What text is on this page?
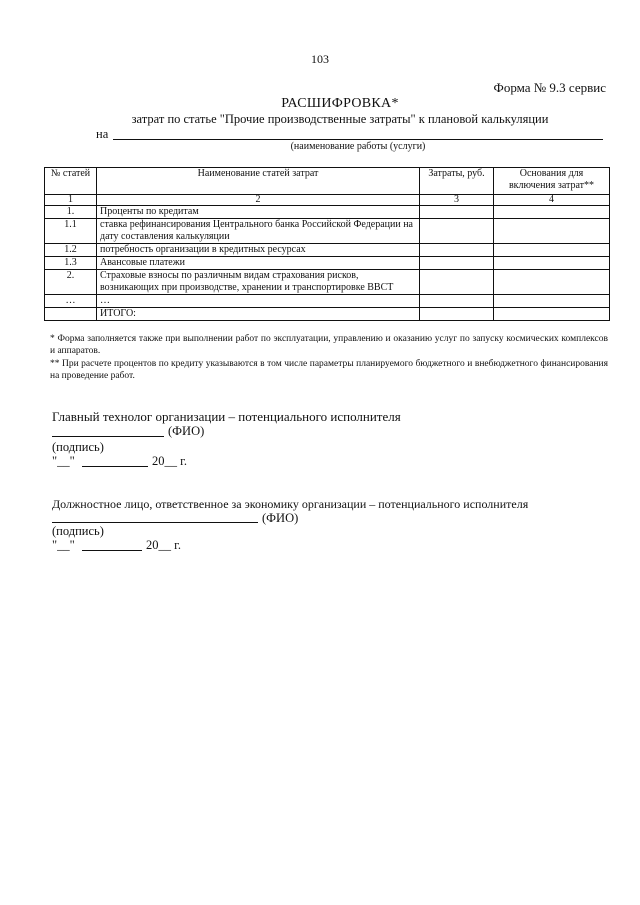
103
Форма № 9.3 сервис
РАСШИФРОВКА*
затрат по статье "Прочие производственные затраты" к плановой калькуляции
на
(наименование работы (услуги)
№ статей	Наименование статей затрат	Затраты, руб.	Основания для включения затрат**
1	2	3	4
1.	Проценты по кредитам		
1.1	ставка рефинансирования Центрального банка Российской Федерации на дату составления калькуляции		
1.2	потребность организации в кредитных ресурсах		
1.3	Авансовые платежи		
2.	Страховые взносы по различным видам страхования рисков, возникающих при производстве, хранении и транспортировке ВВСТ		
…	…		
	ИТОГО:		
* Форма заполняется также при выполнении работ по эксплуатации, управлению и оказанию услуг по запуску космических комплексов и аппаратов.
** При расчете процентов по кредиту указываются в том числе параметры планируемого бюджетного и внебюджетного финансирования на проведение работ.
Главный технолог организации – потенциального исполнителя
(ФИО)
(подпись)
"__"	20__ г.
Должностное лицо, ответственное за экономику организации – потенциального исполнителя
(ФИО)
(подпись)
"__"	20__ г.
